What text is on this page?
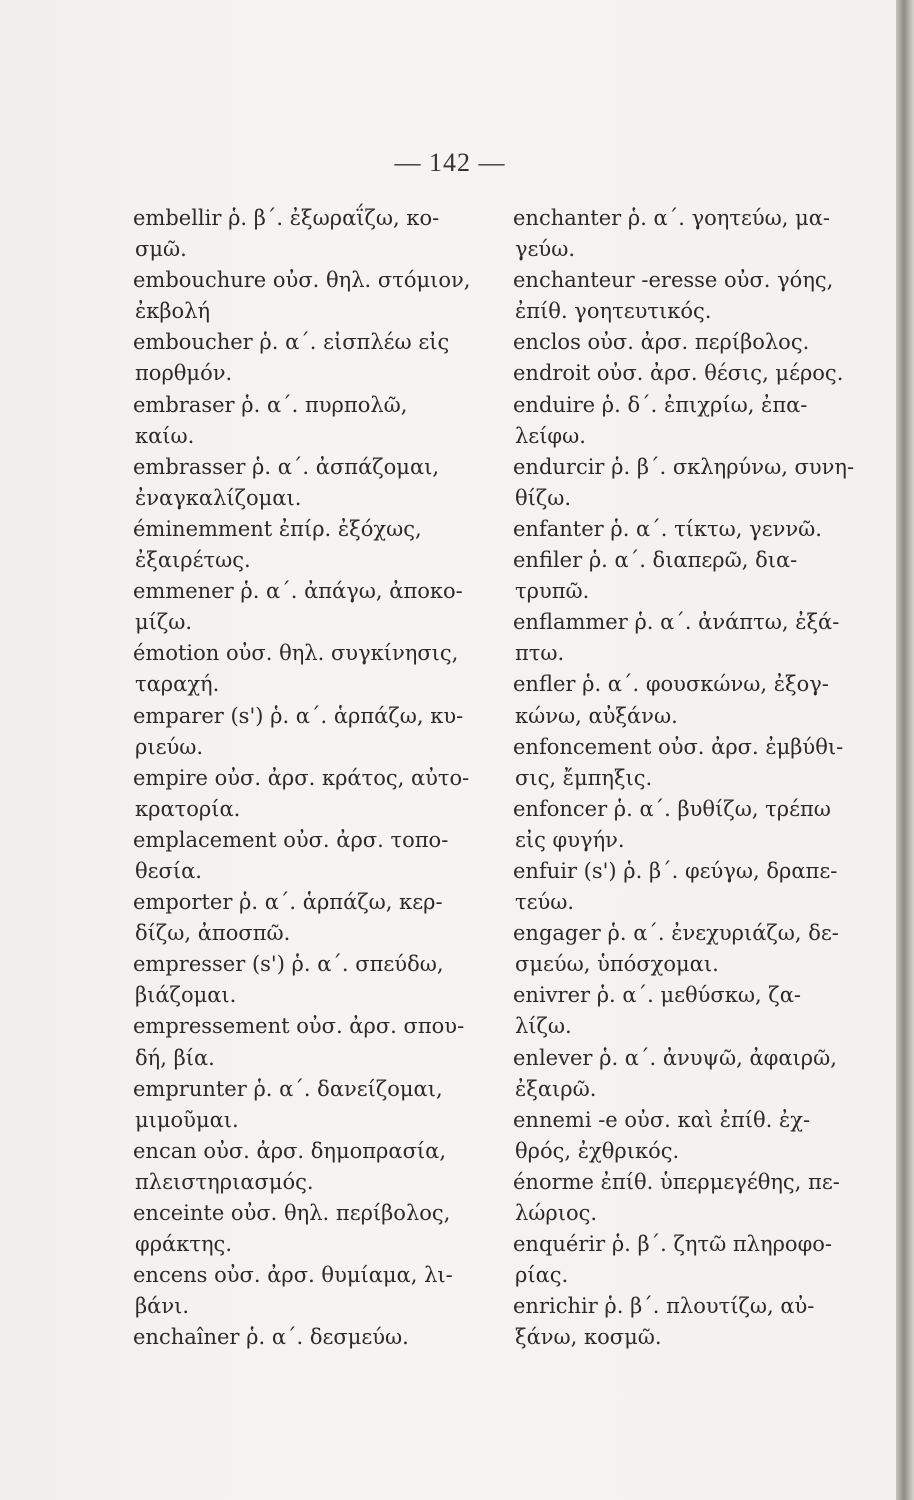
— 142 —
embellir ῥ. β΄. ἐξωραΐζω, κο-
σμῶ.
embouchure οὐσ. θηλ. στόμιον,
ἐκβολή
emboucher ῥ. α΄. εἰσπλέω εἰς
πορθμόν.
embraser ῥ. α΄. πυρπολῶ,
καίω.
embrasser ῥ. α΄. ἀσπάζομαι,
ἐναγκαλίζομαι.
éminemment ἐπίρ. ἐξόχως,
ἐξαιρέτως.
emmener ῥ. α΄. ἀπάγω, ἀποκο-
μίζω.
émotion οὐσ. θηλ. συγκίνησις,
ταραχή.
emparer (s') ῥ. α΄. ἁρπάζω, κυ-
ριεύω.
empire οὐσ. ἀρσ. κράτος, αὐτο-
κρατορία.
emplacement οὐσ. ἀρσ. τοπο-
θεσία.
emporter ῥ. α΄. ἁρπάζω, κερ-
δίζω, ἀποσπῶ.
empresser (s') ῥ. α΄. σπεύδω,
βιάζομαι.
empressement οὐσ. ἀρσ. σπου-
δή, βία.
emprunter ῥ. α΄. δανείζομαι,
μιμοῦμαι.
encan οὐσ. ἀρσ. δημοπρασία,
πλειστηριασμός.
enceinte οὐσ. θηλ. περίβολος,
φράκτης.
encens οὐσ. ἀρσ. θυμίαμα, λι-
βάνι.
enchaîner ῥ. α΄. δεσμεύω.
enchanter ῥ. α΄. γοητεύω, μα-
γεύω.
enchanteur -eresse οὐσ. γόης,
ἐπίθ. γοητευτικός.
enclos οὐσ. ἀρσ. περίβολος.
endroit οὐσ. ἀρσ. θέσις, μέρος.
enduire ῥ. δ΄. ἐπιχρίω, ἐπα-
λείφω.
endurcir ῥ. β΄. σκληρύνω, συνη-
θίζω.
enfanter ῥ. α΄. τίκτω, γεννῶ.
enfiler ῥ. α΄. διαπερῶ, δια-
τρυπῶ.
enflammer ῥ. α΄. ἀνάπτω, ἐξά-
πτω.
enfler ῥ. α΄. φουσκώνω, ἐξογ-
κώνω, αὐξάνω.
enfoncement οὐσ. ἀρσ. ἐμβύθι-
σις, ἔμπηξις.
enfoncer ῥ. α΄. βυθίζω, τρέπω
εἰς φυγήν.
enfuir (s') ῥ. β΄. φεύγω, δραπε-
τεύω.
engager ῥ. α΄. ἐνεχυριάζω, δε-
σμεύω, ὑπόσχομαι.
enivrer ῥ. α΄. μεθύσκω, ζα-
λίζω.
enlever ῥ. α΄. ἀνυψῶ, ἀφαιρῶ,
ἐξαιρῶ.
ennemi -e οὐσ. καὶ ἐπίθ. ἐχ-
θρός, ἐχθρικός.
énorme ἐπίθ. ὑπερμεγέθης, πε-
λώριος.
enquérir ῥ. β΄. ζητῶ πληροφο-
ρίας.
enrichir ῥ. β΄. πλουτίζω, αὐ-
ξάνω, κοσμῶ.
